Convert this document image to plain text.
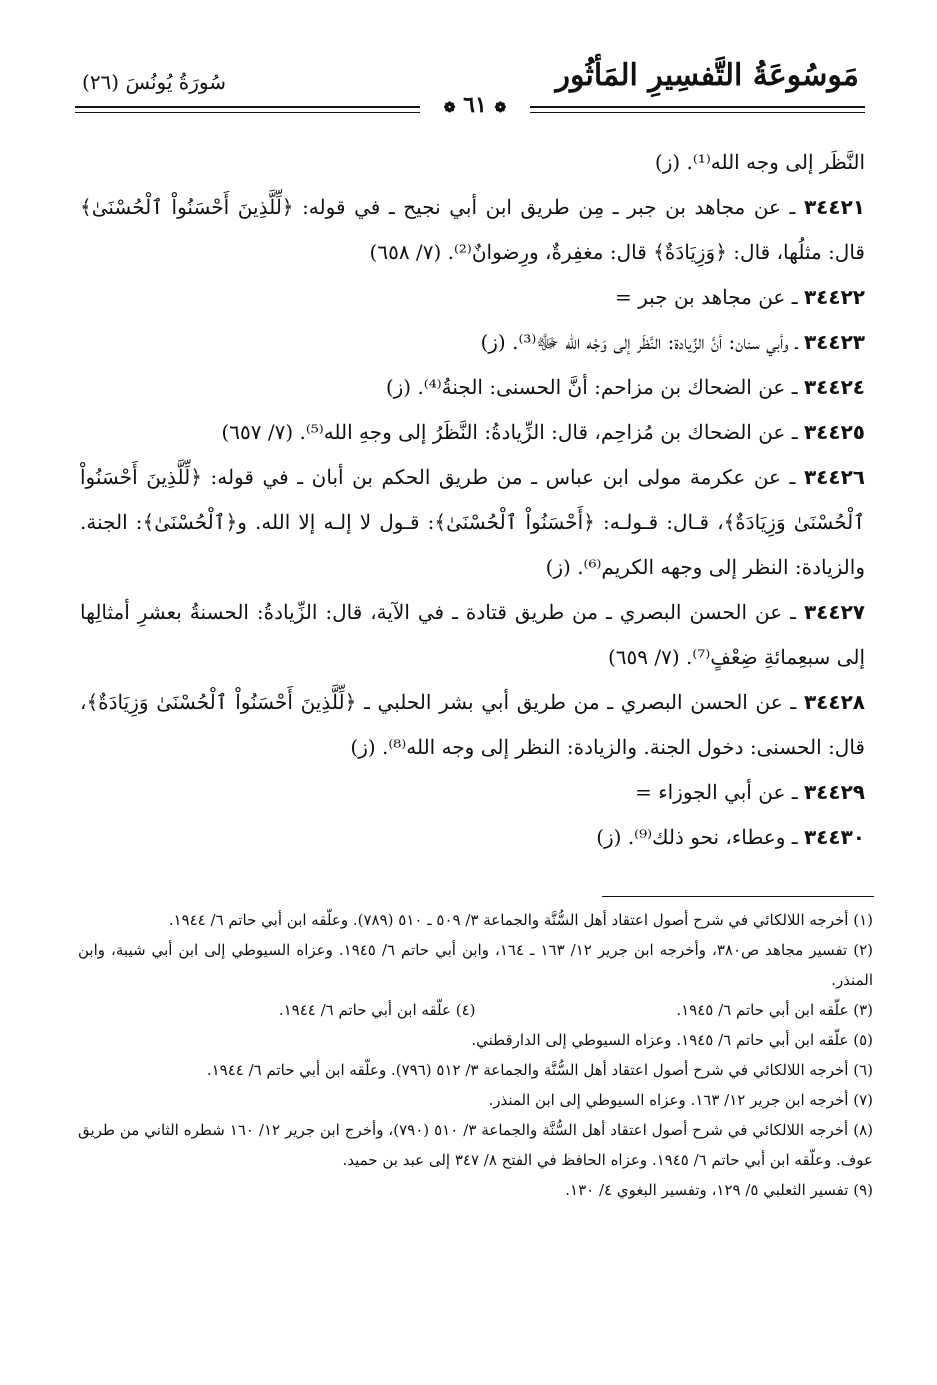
مَوسُوعَةُ التَّفسِيرِ المَأثُور
سُورَةُ يُونُسَ (٢٦)
❁ ٦١ ❁

النَّظَر إلى وجه الله⁽¹⁾. (ز)

٣٤٤٢١ ـ عن مجاهد بن جبر ـ مِن طريق ابن أبي نجيح ـ في قوله: ﴿لِّلَّذِينَ أَحْسَنُواْ ٱلْحُسْنَىٰ﴾ قال: مثلُها، قال: ﴿وَزِيَادَةٌ﴾ قال: مغفِرةٌ، ورِضوانٌ⁽²⁾. (٧/ ٦٥٨)

٣٤٤٢٢ ـ عن مجاهد بن جبر =

٣٤٤٢٣ ـ وأبي سنان: أنَّ الزِّيادة: النَّظَر إلى وَجْه الله ﷻ⁽³⁾. (ز)

٣٤٤٢٤ ـ عن الضحاك بن مزاحم: أنَّ الحسنى: الجنةُ⁽⁴⁾. (ز)

٣٤٤٢٥ ـ عن الضحاك بن مُزاحِم، قال: الزِّيادةُ: النَّظَرُ إلى وجهِ الله⁽⁵⁾. (٧/ ٦٥٧)

٣٤٤٢٦ ـ عن عكرمة مولى ابن عباس ـ من طريق الحكم بن أبان ـ في قوله: ﴿لِّلَّذِينَ أَحْسَنُواْ ٱلْحُسْنَىٰ وَزِيَادَةٌ﴾، قـال: قـولـه: ﴿أَحْسَنُواْ ٱلْحُسْنَىٰ﴾: قـول لا إلـه إلا الله. و﴿ٱلْحُسْنَىٰ﴾: الجنة. والزيادة: النظر إلى وجهه الكريم⁽⁶⁾. (ز)

٣٤٤٢٧ ـ عن الحسن البصري ـ من طريق قتادة ـ في الآية، قال: الزِّيادةُ: الحسنةُ بعشرِ أمثالِها إلى سبعِمائةِ ضِعْفٍ⁽⁷⁾. (٧/ ٦٥٩)

٣٤٤٢٨ ـ عن الحسن البصري ـ من طريق أبي بشر الحلبي ـ ﴿لِّلَّذِينَ أَحْسَنُواْ ٱلْحُسْنَىٰ وَزِيَادَةٌ﴾، قال: الحسنى: دخول الجنة. والزيادة: النظر إلى وجه الله⁽⁸⁾. (ز)

٣٤٤٢٩ ـ عن أبي الجوزاء =

٣٤٤٣٠ ـ وعطاء، نحو ذلك⁽⁹⁾. (ز)

(١) أخرجه اللالكائي في شرح أصول اعتقاد أهل السُّنَّة والجماعة ٣/ ٥٠٩ ـ ٥١٠ (٧٨٩). وعلّقه ابن أبي حاتم ٦/ ١٩٤٤.

(٢) تفسير مجاهد ص٣٨٠، وأخرجه ابن جرير ١٢/ ١٦٣ ـ ١٦٤، وابن أبي حاتم ٦/ ١٩٤٥. وعزاه السيوطي إلى ابن أبي شيبة، وابن المنذر.

(٣) علّقه ابن أبي حاتم ٦/ ١٩٤٥.
(٤) علّقه ابن أبي حاتم ٦/ ١٩٤٤.

(٥) علّقه ابن أبي حاتم ٦/ ١٩٤٥. وعزاه السيوطي إلى الدارقطني.

(٦) أخرجه اللالكائي في شرح أصول اعتقاد أهل السُّنَّة والجماعة ٣/ ٥١٢ (٧٩٦). وعلّقه ابن أبي حاتم ٦/ ١٩٤٤.

(٧) أخرجه ابن جرير ١٢/ ١٦٣. وعزاه السيوطي إلى ابن المنذر.

(٨) أخرجه اللالكائي في شرح أصول اعتقاد أهل السُّنَّة والجماعة ٣/ ٥١٠ (٧٩٠)، وأخرج ابن جرير ١٢/ ١٦٠ شطره الثاني من طريق عوف. وعلّقه ابن أبي حاتم ٦/ ١٩٤٥. وعزاه الحافظ في الفتح ٨/ ٣٤٧ إلى عبد بن حميد.

(٩) تفسير الثعلبي ٥/ ١٢٩، وتفسير البغوي ٤/ ١٣٠.
